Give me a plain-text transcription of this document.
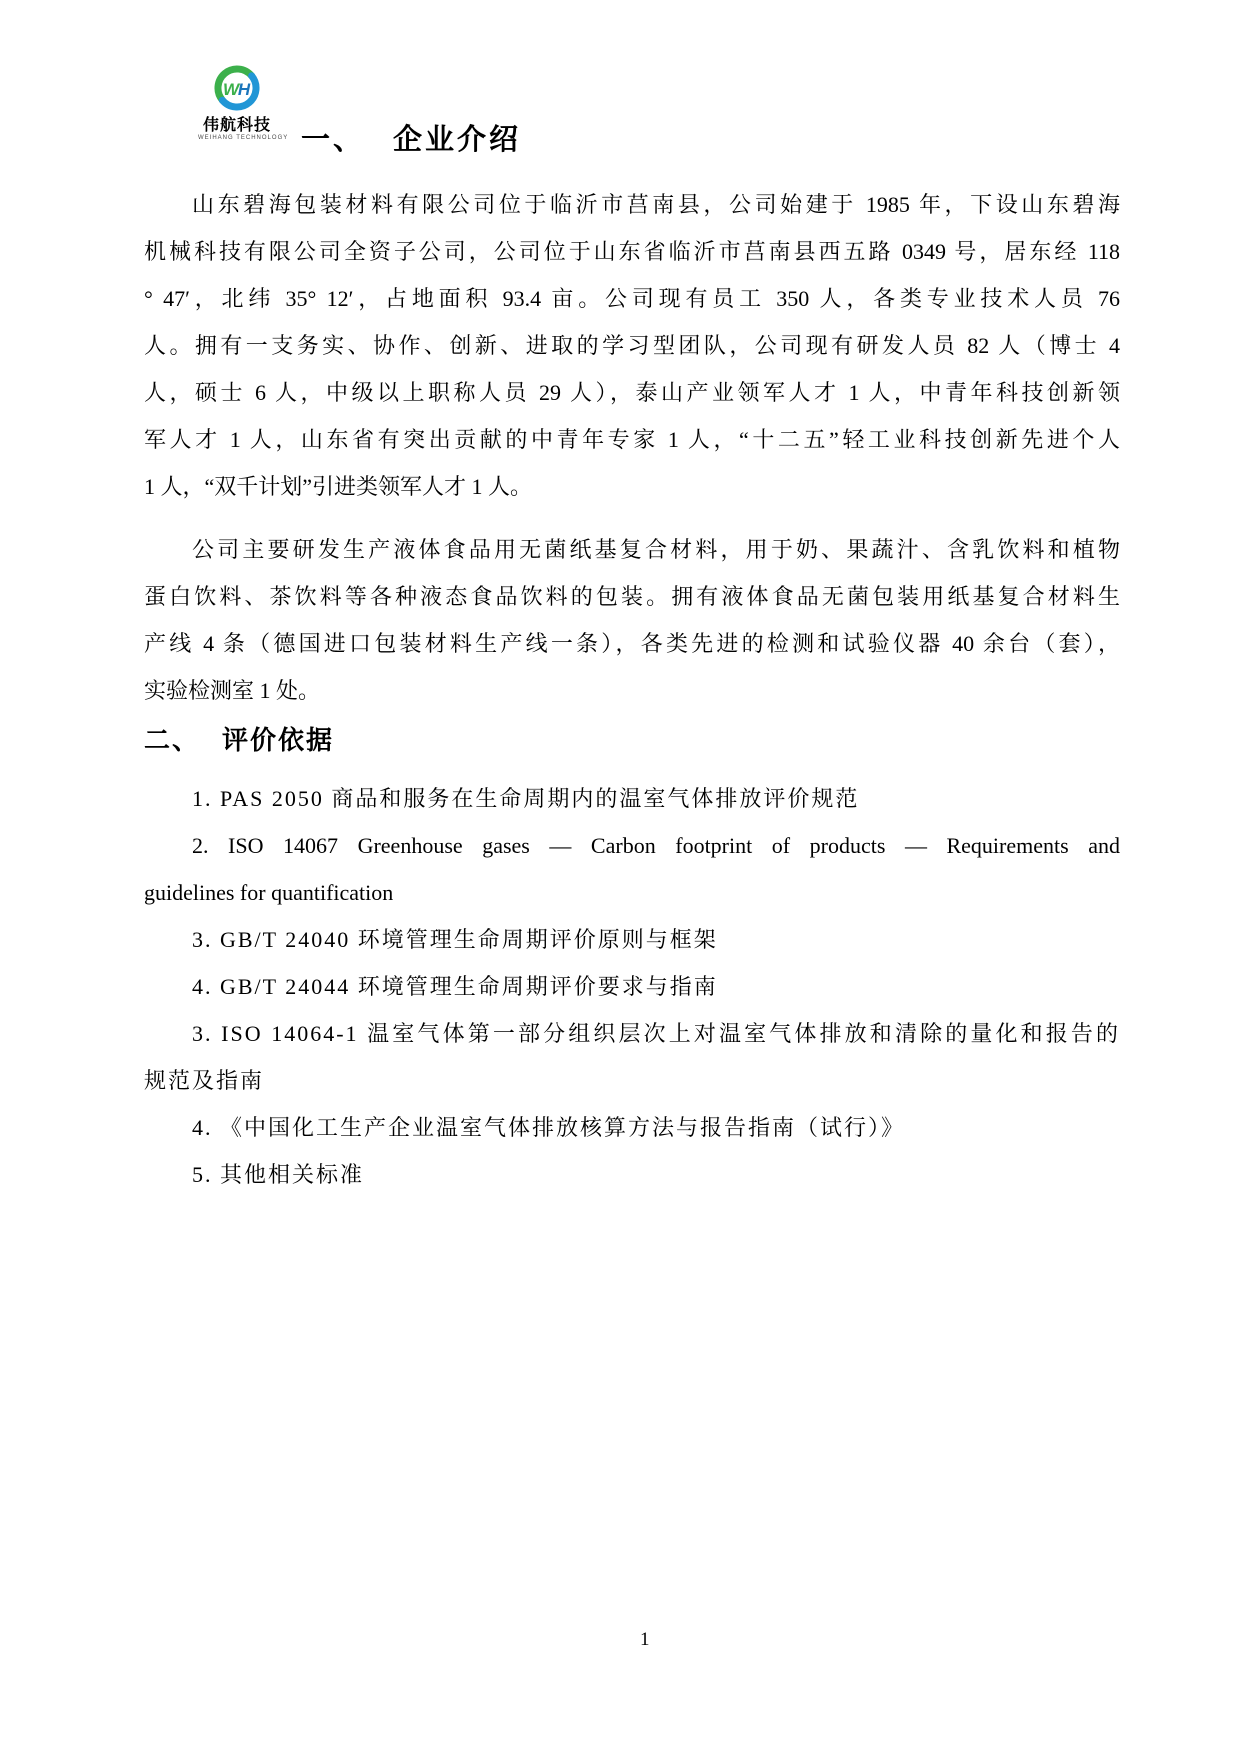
W
H
伟航科技
WEIHANG TECHNOLOGY 一、 企业介绍
山东碧海包装材料有限公司位于临沂市莒南县，公司始建于 1985 年，下设山东碧海
机械科技有限公司全资子公司，公司位于山东省临沂市莒南县西五路 0349 号，居东经 118
° 47′，北纬 35° 12′，占地面积 93.4 亩。公司现有员工 350 人，各类专业技术人员 76
人。拥有一支务实、协作、创新、进取的学习型团队，公司现有研发人员 82 人（博士 4
人，硕士 6 人，中级以上职称人员 29 人），泰山产业领军人才 1 人，中青年科技创新领
军人才 1 人，山东省有突出贡献的中青年专家 1 人，“十二五”轻工业科技创新先进个人
1 人，“双千计划”引进类领军人才 1 人。
公司主要研发生产液体食品用无菌纸基复合材料，用于奶、果蔬汁、含乳饮料和植物
蛋白饮料、茶饮料等各种液态食品饮料的包装。拥有液体食品无菌包装用纸基复合材料生
产线 4 条（德国进口包装材料生产线一条），各类先进的检测和试验仪器 40 余台（套），
实验检测室 1 处。
二、 评价依据
1. PAS 2050 商品和服务在生命周期内的温室气体排放评价规范
2. ISO 14067 Greenhouse gases — Carbon footprint of products — Requirements and
guidelines for quantification
3. GB/T 24040 环境管理生命周期评价原则与框架
4. GB/T 24044 环境管理生命周期评价要求与指南
3. ISO 14064-1 温室气体第一部分组织层次上对温室气体排放和清除的量化和报告的
规范及指南
4. 《中国化工生产企业温室气体排放核算方法与报告指南（试行）》
5. 其他相关标准
1
